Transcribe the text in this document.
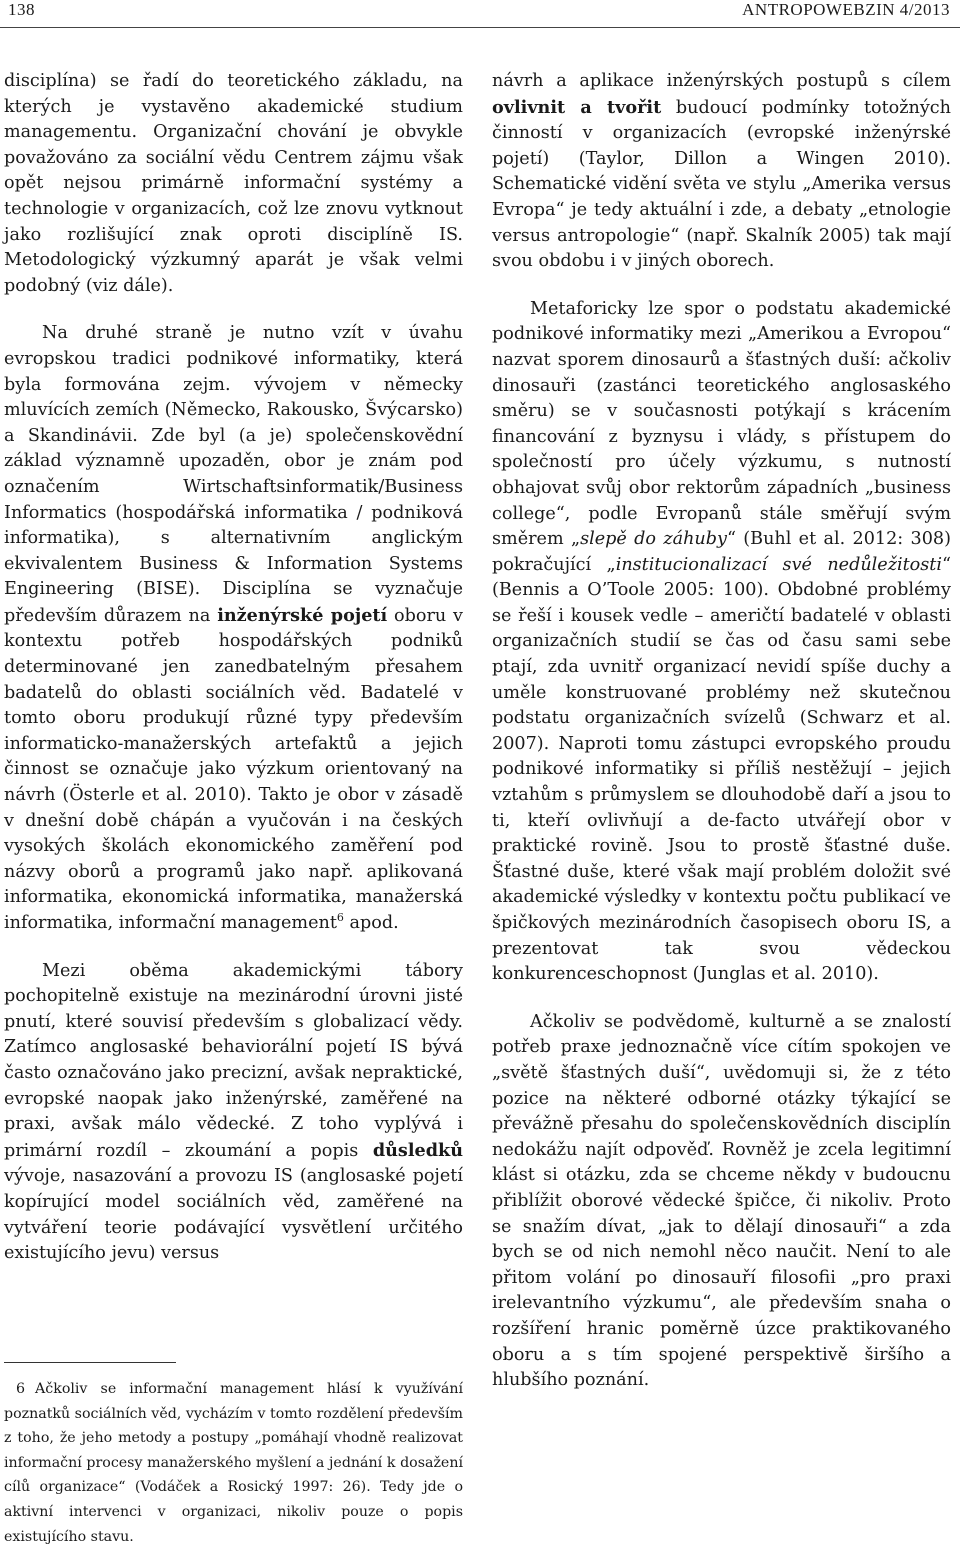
138	ANTROPOWEBZIN 4/2013

disciplína) se řadí do teoretického základu, na kterých je vystavěno akademické studium managementu. Organizační chování je obvykle považováno za sociální vědu Centrem zájmu však opět nejsou primárně informační systémy a technologie v organizacích, což lze znovu vytknout jako rozlišující znak oproti disciplíně IS. Metodologický výzkumný aparát je však velmi podobný (viz dále).

Na druhé straně je nutno vzít v úvahu evropskou tradici podnikové informatiky, která byla formována zejm. vývojem v německy mluvících zemích (Německo, Rakousko, Švýcarsko) a Skandinávii. Zde byl (a je) společenskovědní základ významně upozaděn, obor je znám pod označením Wirtschaftsinformatik/Business Informatics (hospodářská informatika / podniková informatika), s alternativním anglickým ekvivalentem Business & Information Systems Engineering (BISE). Disciplína se vyznačuje především důrazem na inženýrské pojetí oboru v kontextu potřeb hospodářských podniků determinované jen zanedbatelným přesahem badatelů do oblasti sociálních věd. Badatelé v tomto oboru produkují různé typy především informaticko-manažerských artefaktů a jejich činnost se označuje jako výzkum orientovaný na návrh (Österle et al. 2010). Takto je obor v zásadě v dnešní době chápán a vyučován i na českých vysokých školách ekonomického zaměření pod názvy oborů a programů jako např. aplikovaná informatika, ekonomická informatika, manažerská informatika, informační management$^6$ apod.

Mezi oběma akademickými tábory pochopitelně existuje na mezinárodní úrovni jisté pnutí, které souvisí především s globalizací vědy. Zatímco anglosaské behaviorální pojetí IS bývá často označováno jako precizní, avšak nepraktické, evropské naopak jako inženýrské, zaměřené na praxi, avšak málo vědecké. Z toho vyplývá i primární rozdíl – zkoumání a popis důsledků vývoje, nasazování a provozu IS (anglosaské pojetí kopírující model sociálních věd, zaměřené na vytváření teorie podávající vysvětlení určitého existujícího jevu) versus

návrh a aplikace inženýrských postupů s cílem ovlivnit a tvořit budoucí podmínky totožných činností v organizacích (evropské inženýrské pojetí) (Taylor, Dillon a Wingen 2010). Schematické vidění světa ve stylu „Amerika versus Evropa“ je tedy aktuální i zde, a debaty „etnologie versus antropologie“ (např. Skalník 2005) tak mají svou obdobu i v jiných oborech.

Metaforicky lze spor o podstatu akademické podnikové informatiky mezi „Amerikou a Evropou“ nazvat sporem dinosaurů a šťastných duší: ačkoliv dinosauři (zastánci teoretického anglosaského směru) se v současnosti potýkají s krácením financování z byznysu i vlády, s přístupem do společností pro účely výzkumu, s nutností obhajovat svůj obor rektorům západních „business college“, podle Evropanů stále směřují svým směrem „slepě do záhuby“ (Buhl et al. 2012: 308) pokračující „institucionalizací své nedůležitosti“ (Bennis a O’Toole 2005: 100). Obdobné problémy se řeší i kousek vedle – američtí badatelé v oblasti organizačních studií se čas od času sami sebe ptají, zda uvnitř organizací nevidí spíše duchy a uměle konstruované problémy než skutečnou podstatu organizačních svízelů (Schwarz et al. 2007). Naproti tomu zástupci evropského proudu podnikové informatiky si příliš nestěžují – jejich vztahům s průmyslem se dlouhodobě daří a jsou to ti, kteří ovlivňují a de-facto utvářejí obor v praktické rovině. Jsou to prostě šťastné duše. Šťastné duše, které však mají problém doložit své akademické výsledky v kontextu počtu publikací ve špičkových mezinárodních časopisech oboru IS, a prezentovat tak svou vědeckou konkurenceschopnost (Junglas et al. 2010).

Ačkoliv se podvědomě, kulturně a se znalostí potřeb praxe jednoznačně více cítím spokojen ve „světě šťastných duší“, uvědomuji si, že z této pozice na některé odborné otázky týkající se převážně přesahu do společenskovědních disciplín nedokážu najít odpověď. Rovněž je zcela legitimní klást si otázku, zda se chceme někdy v budoucnu přiblížit oborové vědecké špičce, či nikoliv. Proto se snažím dívat, „jak to dělají dinosauři“ a zda bych se od nich nemohl něco naučit. Není to ale přitom volání po dinosauří filosofii „pro praxi irelevantního výzkumu“, ale především snaha o rozšíření hranic poměrně úzce praktikovaného oboru a s tím spojené perspektivě širšího a hlubšího poznání.

6 Ačkoliv se informační management hlásí k využívání poznatků sociálních věd, vycházím v tomto rozdělení především z toho, že jeho metody a postupy „pomáhají vhodně realizovat informační procesy manažerského myšlení a jednání k dosažení cílů organizace“ (Vodáček a Rosický 1997: 26). Tedy jde o aktivní intervenci v organizaci, nikoliv pouze o popis existujícího stavu.
